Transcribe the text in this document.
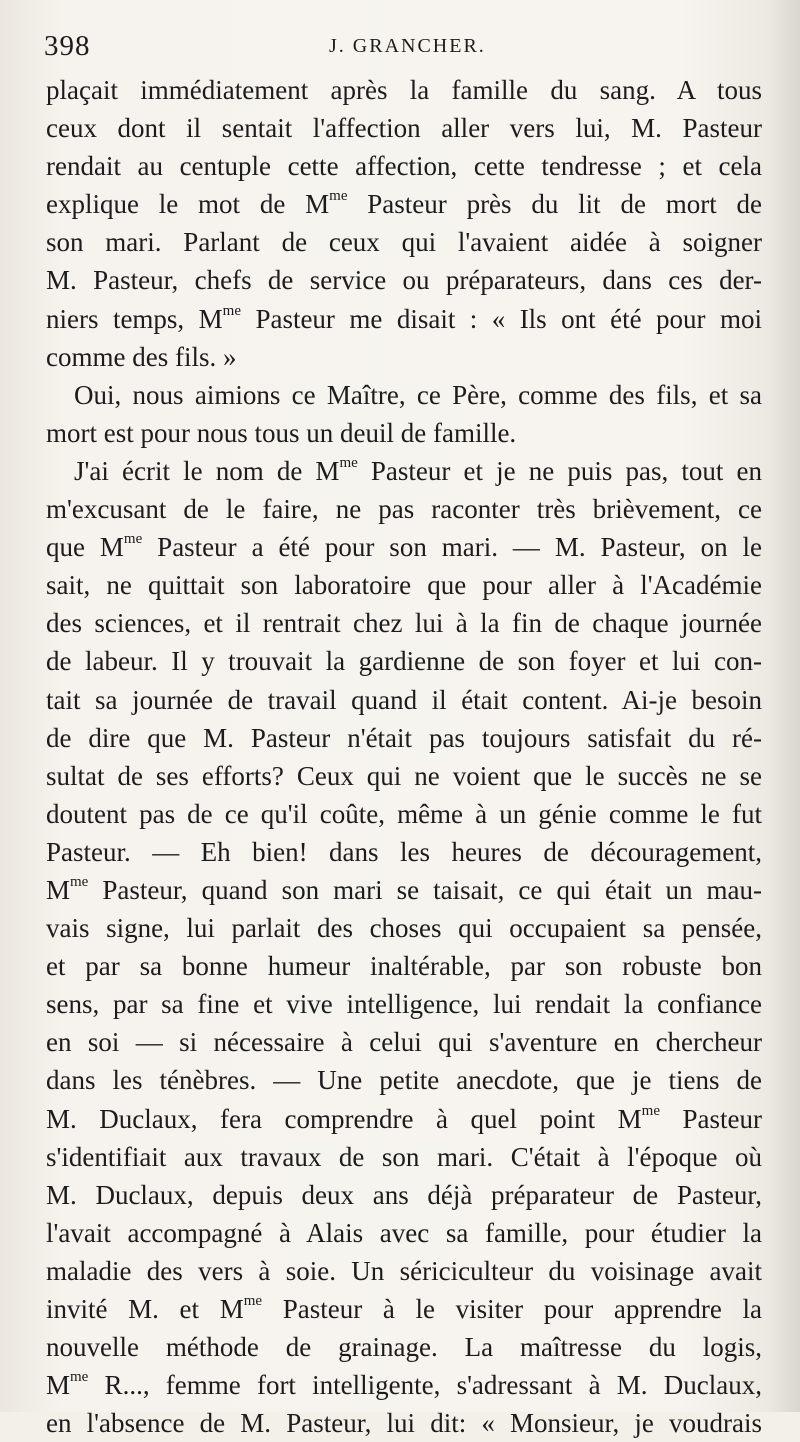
398	J. GRANCHER.
plaçait immédiatement après la famille du sang. A tous
ceux dont il sentait l'affection aller vers lui, M. Pasteur
rendait au centuple cette affection, cette tendresse ; et cela
explique le mot de $M^{me}$ Pasteur près du lit de mort de
son mari. Parlant de ceux qui l'avaient aidée à soigner
M. Pasteur, chefs de service ou préparateurs, dans ces der-
niers temps, $M^{me}$ Pasteur me disait : « Ils ont été pour moi
comme des fils. »
Oui, nous aimions ce Maître, ce Père, comme des fils, et sa
mort est pour nous tous un deuil de famille.
J'ai écrit le nom de $M^{me}$ Pasteur et je ne puis pas, tout en
m'excusant de le faire, ne pas raconter très brièvement, ce
que $M^{me}$ Pasteur a été pour son mari. — M. Pasteur, on le
sait, ne quittait son laboratoire que pour aller à l'Académie
des sciences, et il rentrait chez lui à la fin de chaque journée
de labeur. Il y trouvait la gardienne de son foyer et lui con-
tait sa journée de travail quand il était content. Ai-je besoin
de dire que M. Pasteur n'était pas toujours satisfait du ré-
sultat de ses efforts? Ceux qui ne voient que le succès ne se
doutent pas de ce qu'il coûte, même à un génie comme le fut
Pasteur. — Eh bien! dans les heures de découragement,
$M^{me}$ Pasteur, quand son mari se taisait, ce qui était un mau-
vais signe, lui parlait des choses qui occupaient sa pensée,
et par sa bonne humeur inaltérable, par son robuste bon
sens, par sa fine et vive intelligence, lui rendait la confiance
en soi — si nécessaire à celui qui s'aventure en chercheur
dans les ténèbres. — Une petite anecdote, que je tiens de
M. Duclaux, fera comprendre à quel point $M^{me}$ Pasteur
s'identifiait aux travaux de son mari. C'était à l'époque où
M. Duclaux, depuis deux ans déjà préparateur de Pasteur,
l'avait accompagné à Alais avec sa famille, pour étudier la
maladie des vers à soie. Un sériciculteur du voisinage avait
invité M. et $M^{me}$ Pasteur à le visiter pour apprendre la
nouvelle méthode de grainage. La maîtresse du logis,
$M^{me}$ R..., femme fort intelligente, s'adressant à M. Duclaux,
en l'absence de M. Pasteur, lui dit: « Monsieur, je voudrais
